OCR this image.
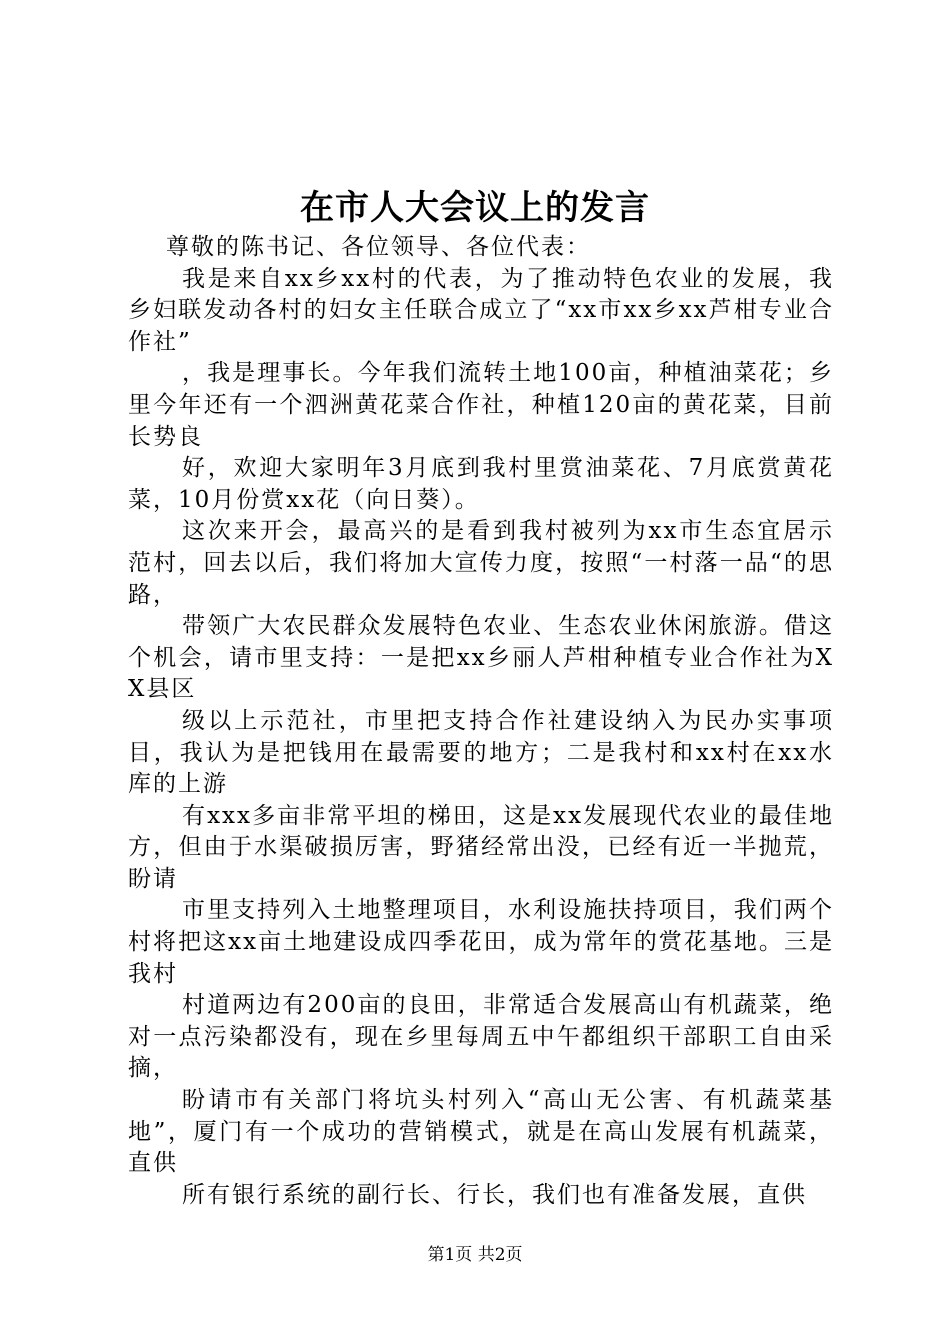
在市人大会议上的发言

尊敬的陈书记、各位领导、各位代表：

我是来自xx乡xx村的代表，为了推动特色农业的发展，我乡妇联发动各村的妇女主任联合成立了“xx市xx乡xx芦柑专业合作社”

，我是理事长。今年我们流转土地100亩，种植油菜花；乡里今年还有一个泗洲黄花菜合作社，种植120亩的黄花菜，目前长势良

好，欢迎大家明年3月底到我村里赏油菜花、7月底赏黄花菜，10月份赏xx花（向日葵）。

这次来开会，最高兴的是看到我村被列为xx市生态宜居示范村，回去以后，我们将加大宣传力度，按照“一村落一品“的思路，

带领广大农民群众发展特色农业、生态农业休闲旅游。借这个机会，请市里支持：一是把xx乡丽人芦柑种植专业合作社为XX县区

级以上示范社，市里把支持合作社建设纳入为民办实事项目，我认为是把钱用在最需要的地方；二是我村和xx村在xx水库的上游

有xxx多亩非常平坦的梯田，这是xx发展现代农业的最佳地方，但由于水渠破损厉害，野猪经常出没，已经有近一半抛荒，盼请

市里支持列入土地整理项目，水利设施扶持项目，我们两个村将把这xx亩土地建设成四季花田，成为常年的赏花基地。三是我村

村道两边有200亩的良田，非常适合发展高山有机蔬菜，绝对一点污染都没有，现在乡里每周五中午都组织干部职工自由采摘，

盼请市有关部门将坑头村列入“高山无公害、有机蔬菜基地”，厦门有一个成功的营销模式，就是在高山发展有机蔬菜，直供

所有银行系统的副行长、行长，我们也有准备发展，直供

第1页 共2页
